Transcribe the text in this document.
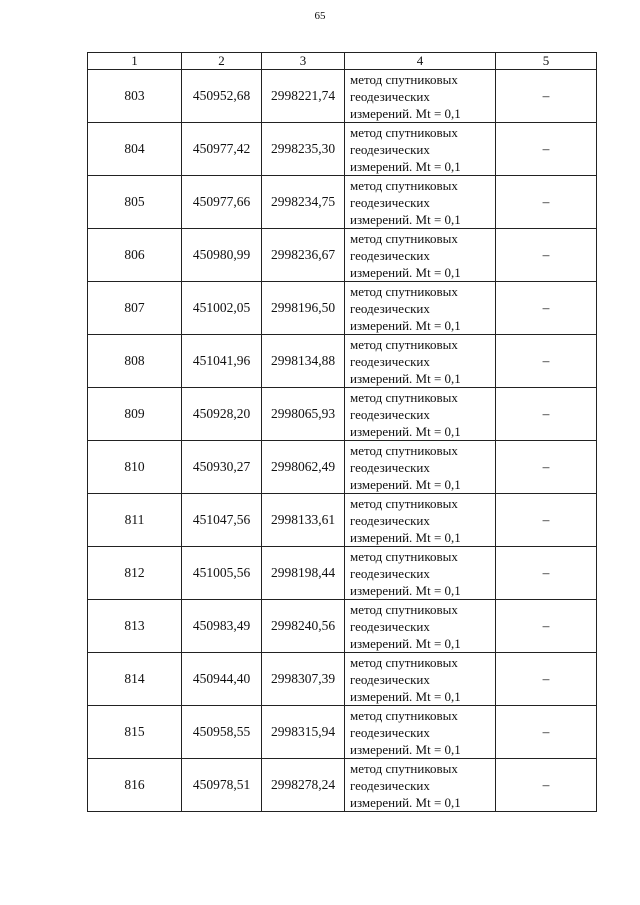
65
1	2	3	4	5
803	450952,68	2998221,74	метод спутниковых
геодезических
измерений. Mt = 0,1	–
804	450977,42	2998235,30	метод спутниковых
геодезических
измерений. Mt = 0,1	–
805	450977,66	2998234,75	метод спутниковых
геодезических
измерений. Mt = 0,1	–
806	450980,99	2998236,67	метод спутниковых
геодезических
измерений. Mt = 0,1	–
807	451002,05	2998196,50	метод спутниковых
геодезических
измерений. Mt = 0,1	–
808	451041,96	2998134,88	метод спутниковых
геодезических
измерений. Mt = 0,1	–
809	450928,20	2998065,93	метод спутниковых
геодезических
измерений. Mt = 0,1	–
810	450930,27	2998062,49	метод спутниковых
геодезических
измерений. Mt = 0,1	–
811	451047,56	2998133,61	метод спутниковых
геодезических
измерений. Mt = 0,1	–
812	451005,56	2998198,44	метод спутниковых
геодезических
измерений. Mt = 0,1	–
813	450983,49	2998240,56	метод спутниковых
геодезических
измерений. Mt = 0,1	–
814	450944,40	2998307,39	метод спутниковых
геодезических
измерений. Mt = 0,1	–
815	450958,55	2998315,94	метод спутниковых
геодезических
измерений. Mt = 0,1	–
816	450978,51	2998278,24	метод спутниковых
геодезических
измерений. Mt = 0,1	–
